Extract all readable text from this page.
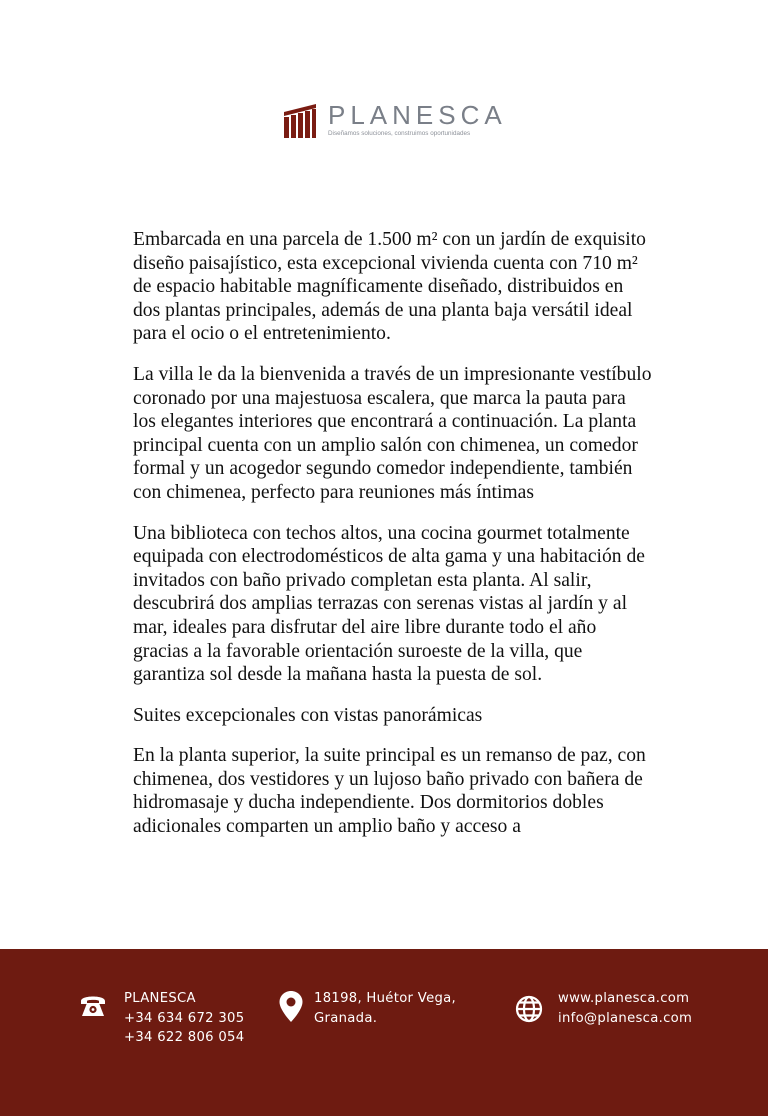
PLANESCA
Diseñamos soluciones, construimos oportunidades

Embarcada en una parcela de 1.500 m² con un jardín de exquisito diseño paisajístico, esta excepcional vivienda cuenta con 710 m² de espacio habitable magníficamente diseñado, distribuidos en dos plantas principales, además de una planta baja versátil ideal para el ocio o el entretenimiento.

La villa le da la bienvenida a través de un impresionante vestíbulo coronado por una majestuosa escalera, que marca la pauta para los elegantes interiores que encontrará a continuación. La planta principal cuenta con un amplio salón con chimenea, un comedor formal y un acogedor segundo comedor independiente, también con chimenea, perfecto para reuniones más íntimas

Una biblioteca con techos altos, una cocina gourmet totalmente equipada con electrodomésticos de alta gama y una habitación de invitados con baño privado completan esta planta. Al salir, descubrirá dos amplias terrazas con serenas vistas al jardín y al mar, ideales para disfrutar del aire libre durante todo el año gracias a la favorable orientación suroeste de la villa, que garantiza sol desde la mañana hasta la puesta de sol.

Suites excepcionales con vistas panorámicas

En la planta superior, la suite principal es un remanso de paz, con chimenea, dos vestidores y un lujoso baño privado con bañera de hidromasaje y ducha independiente. Dos dormitorios dobles adicionales comparten un amplio baño y acceso a

PLANESCA
+34 634 672 305
+34 622 806 054
18198, Huétor Vega,
Granada.
www.planesca.com
info@planesca.com
